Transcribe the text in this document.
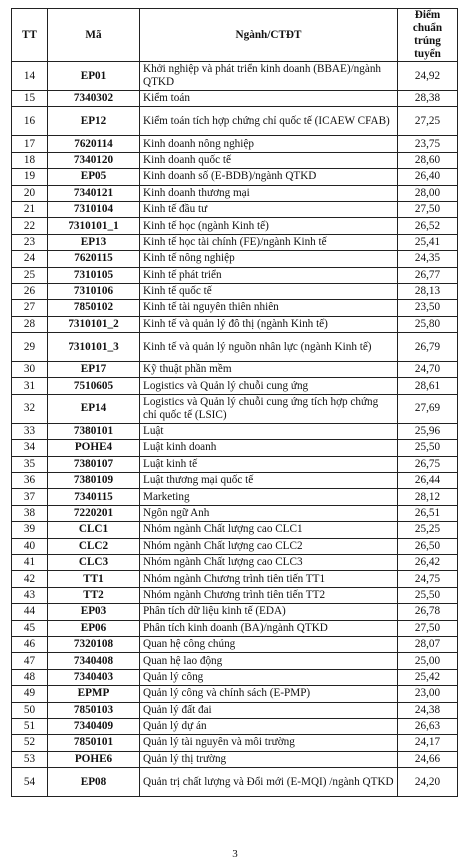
TT	Mã	Ngành/CTĐT	Điểm chuẩn trúng tuyển
14	EP01	Khởi nghiệp và phát triển kinh doanh (BBAE)/ngành QTKD	24,92
15	7340302	Kiểm toán	28,38
16	EP12	Kiểm toán tích hợp chứng chỉ quốc tế (ICAEW CFAB)	27,25
17	7620114	Kinh doanh nông nghiệp	23,75
18	7340120	Kinh doanh quốc tế	28,60
19	EP05	Kinh doanh số (E-BDB)/ngành QTKD	26,40
20	7340121	Kinh doanh thương mại	28,00
21	7310104	Kinh tế đầu tư	27,50
22	7310101_1	Kinh tế học (ngành Kinh tế)	26,52
23	EP13	Kinh tế học tài chính (FE)/ngành Kinh tế	25,41
24	7620115	Kinh tế nông nghiệp	24,35
25	7310105	Kinh tế phát triển	26,77
26	7310106	Kinh tế quốc tế	28,13
27	7850102	Kinh tế tài nguyên thiên nhiên	23,50
28	7310101_2	Kinh tế và quản lý đô thị (ngành Kinh tế)	25,80
29	7310101_3	Kinh tế và quản lý nguồn nhân lực (ngành Kinh tế)	26,79
30	EP17	Kỹ thuật phần mềm	24,70
31	7510605	Logistics và Quản lý chuỗi cung ứng	28,61
32	EP14	Logistics và Quản lý chuỗi cung ứng tích hợp chứng chỉ quốc tế (LSIC)	27,69
33	7380101	Luật	25,96
34	POHE4	Luật kinh doanh	25,50
35	7380107	Luật kinh tế	26,75
36	7380109	Luật thương mại quốc tế	26,44
37	7340115	Marketing	28,12
38	7220201	Ngôn ngữ Anh	26,51
39	CLC1	Nhóm ngành Chất lượng cao CLC1	25,25
40	CLC2	Nhóm ngành Chất lượng cao CLC2	26,50
41	CLC3	Nhóm ngành Chất lượng cao CLC3	26,42
42	TT1	Nhóm ngành Chương trình tiên tiến TT1	24,75
43	TT2	Nhóm ngành Chương trình tiên tiến TT2	25,50
44	EP03	Phân tích dữ liệu kinh tế (EDA)	26,78
45	EP06	Phân tích kinh doanh (BA)/ngành QTKD	27,50
46	7320108	Quan hệ công chúng	28,07
47	7340408	Quan hệ lao động	25,00
48	7340403	Quản lý công	25,42
49	EPMP	Quản lý công và chính sách (E-PMP)	23,00
50	7850103	Quản lý đất đai	24,38
51	7340409	Quản lý dự án	26,63
52	7850101	Quản lý tài nguyên và môi trường	24,17
53	POHE6	Quản lý thị trường	24,66
54	EP08	Quản trị chất lượng và Đổi mới (E-MQI) /ngành QTKD	24,20
3
